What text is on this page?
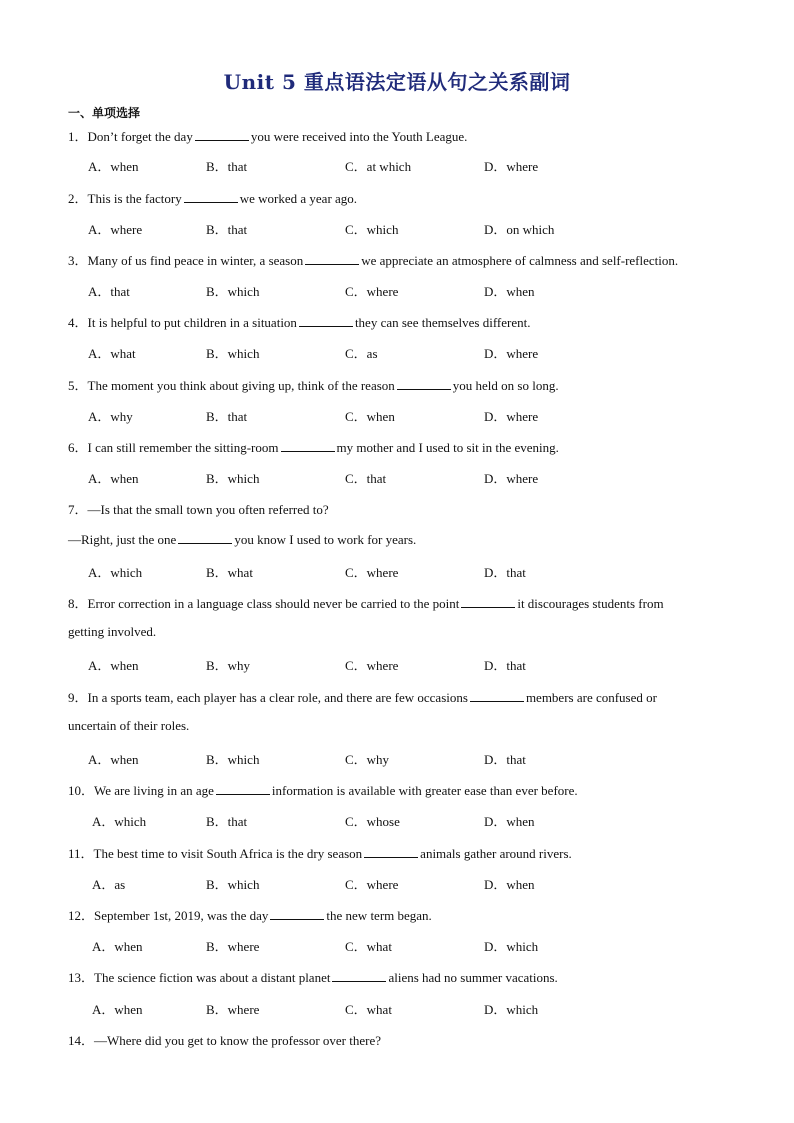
Unit 5 重点语法定语从句之关系副词
一、单项选择
1．Don’t forget the day	you were received into the Youth League.
A．when	B．that	C．at which	D．where
2．This is the factory	we worked a year ago.
A．where	B．that	C．which	D．on which
3．Many of us find peace in winter, a season	we appreciate an atmosphere of calmness and self-reflection.
A．that	B．which	C．where	D．when
4．It is helpful to put children in a situation	they can see themselves different.
A．what	B．which	C．as	D．where
5．The moment you think about giving up, think of the reason	you held on so long.
A．why	B．that	C．when	D．where
6．I can still remember the sitting-room	my mother and I used to sit in the evening.
A．when	B．which	C．that	D．where
7．—Is that the small town you often referred to?
—Right, just the one	you know I used to work for years.
A．which	B．what	C．where	D．that
8．Error correction in a language class should never be carried to the point	it discourages students from
getting involved.
A．when	B．why	C．where	D．that
9．In a sports team, each player has a clear role, and there are few occasions	members are confused or
uncertain of their roles.
A．when	B．which	C．why	D．that
10．We are living in an age	information is available with greater ease than ever before.
A．which	B．that	C．whose	D．when
11．The best time to visit South Africa is the dry season	animals gather around rivers.
A．as	B．which	C．where	D．when
12．September 1st, 2019, was the day	the new term began.
A．when	B．where	C．what	D．which
13．The science fiction was about a distant planet	aliens had no summer vacations.
A．when	B．where	C．what	D．which
14．—Where did you get to know the professor over there?
